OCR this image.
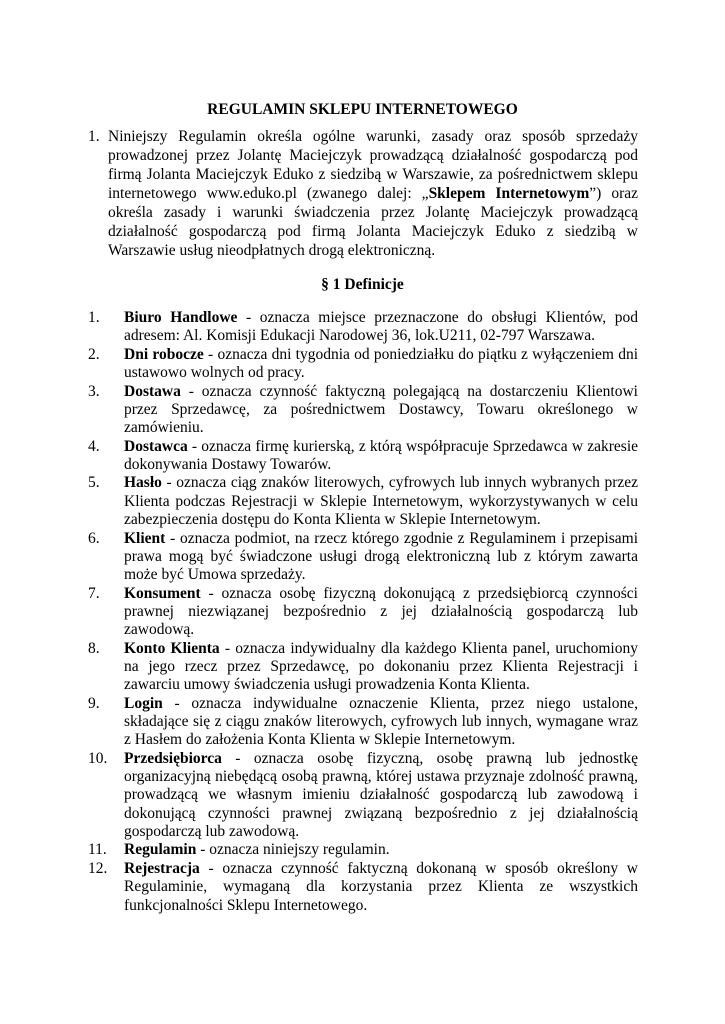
REGULAMIN SKLEPU INTERNETOWEGO
1. Niniejszy Regulamin określa ogólne warunki, zasady oraz sposób sprzedaży prowadzonej przez Jolantę Maciejczyk prowadzącą działalność gospodarczą pod firmą Jolanta Maciejczyk Eduko z siedzibą w Warszawie, za pośrednictwem sklepu internetowego www.eduko.pl (zwanego dalej: „Sklepem Internetowym”) oraz określa zasady i warunki świadczenia przez Jolantę Maciejczyk prowadzącą działalność gospodarczą pod firmą Jolanta Maciejczyk Eduko z siedzibą w Warszawie usług nieodpłatnych drogą elektroniczną.
§ 1 Definicje
1. Biuro Handlowe - oznacza miejsce przeznaczone do obsługi Klientów, pod adresem: Al. Komisji Edukacji Narodowej 36, lok.U211, 02-797 Warszawa.
2. Dni robocze - oznacza dni tygodnia od poniedziałku do piątku z wyłączeniem dni ustawowo wolnych od pracy.
3. Dostawa - oznacza czynność faktyczną polegającą na dostarczeniu Klientowi przez Sprzedawcę, za pośrednictwem Dostawcy, Towaru określonego w zamówieniu.
4. Dostawca - oznacza firmę kurierską, z którą współpracuje Sprzedawca w zakresie dokonywania Dostawy Towarów.
5. Hasło - oznacza ciąg znaków literowych, cyfrowych lub innych wybranych przez Klienta podczas Rejestracji w Sklepie Internetowym, wykorzystywanych w celu zabezpieczenia dostępu do Konta Klienta w Sklepie Internetowym.
6. Klient - oznacza podmiot, na rzecz którego zgodnie z Regulaminem i przepisami prawa mogą być świadczone usługi drogą elektroniczną lub z którym zawarta może być Umowa sprzedaży.
7. Konsument - oznacza osobę fizyczną dokonującą z przedsiębiorcą czynności prawnej niezwiązanej bezpośrednio z jej działalnością gospodarczą lub zawodową.
8. Konto Klienta - oznacza indywidualny dla każdego Klienta panel, uruchomiony na jego rzecz przez Sprzedawcę, po dokonaniu przez Klienta Rejestracji i zawarciu umowy świadczenia usługi prowadzenia Konta Klienta.
9. Login - oznacza indywidualne oznaczenie Klienta, przez niego ustalone, składające się z ciągu znaków literowych, cyfrowych lub innych, wymagane wraz z Hasłem do założenia Konta Klienta w Sklepie Internetowym.
10. Przedsiębiorca - oznacza osobę fizyczną, osobę prawną lub jednostkę organizacyjną niebędącą osobą prawną, której ustawa przyznaje zdolność prawną, prowadzącą we własnym imieniu działalność gospodarczą lub zawodową i dokonującą czynności prawnej związaną bezpośrednio z jej działalnością gospodarczą lub zawodową.
11. Regulamin - oznacza niniejszy regulamin.
12. Rejestracja - oznacza czynność faktyczną dokonaną w sposób określony w Regulaminie, wymaganą dla korzystania przez Klienta ze wszystkich funkcjonalności Sklepu Internetowego.
